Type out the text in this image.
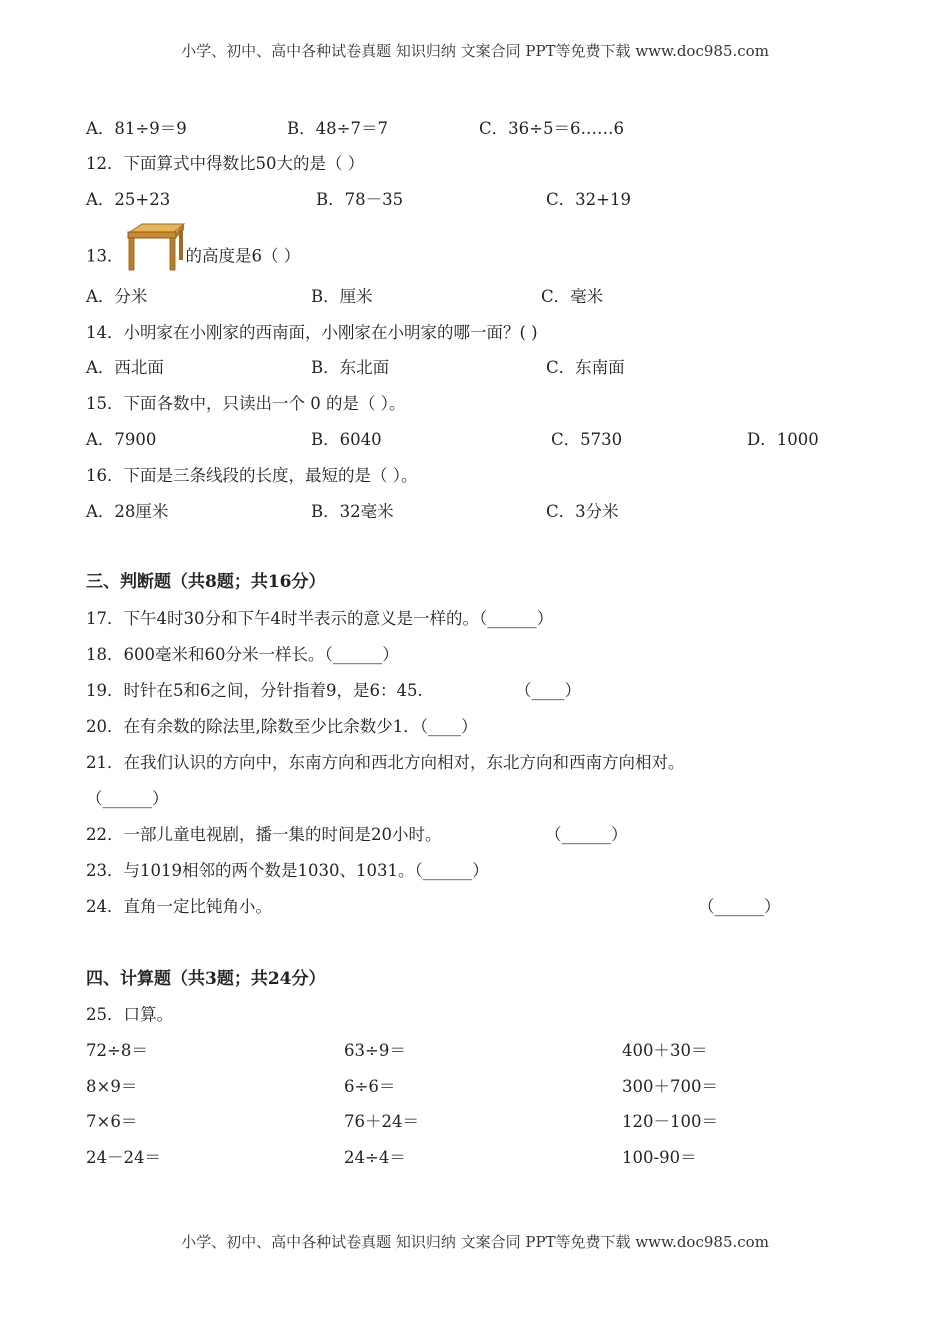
小学、初中、高中各种试卷真题 知识归纳 文案合同 PPT等免费下载 www.doc985.com
A．81÷9＝9	B．48÷7＝7	C．36÷5＝6……6
12．下面算式中得数比50大的是（ ）
A．25+23	B．78－35	C．32+19
13．	的高度是6（ ）
A．分米	B．厘米	C．毫米
14．小明家在小刚家的西南面，小刚家在小明家的哪一面？( )
A．西北面	B．东北面	C．东南面
15．下面各数中，只读出一个 0 的是（ ）。
A．7900	B．6040	C．5730	D．1000
16．下面是三条线段的长度，最短的是（ ）。
A．28厘米	B．32毫米	C．3分米
三、判断题（共8题；共16分）
17．下午4时30分和下午4时半表示的意义是一样的。（______）
18．600毫米和60分米一样长。（______）
19．时针在5和6之间，分针指着9，是6：45.	（____）
20．在有余数的除法里,除数至少比余数少1．（____）
21．在我们认识的方向中，东南方向和西北方向相对，东北方向和西南方向相对。
（______）
22．一部儿童电视剧，播一集的时间是20小时。	（______）
23．与1019相邻的两个数是1030、1031。（______）
24．直角一定比钝角小。	（______）
四、计算题（共3题；共24分）
25．口算。
72÷8＝	63÷9＝	400＋30＝
8×9＝	6÷6＝	300＋700＝
7×6＝	76＋24＝	120－100＝
24－24＝	24÷4＝	100-90＝
小学、初中、高中各种试卷真题 知识归纳 文案合同 PPT等免费下载 www.doc985.com
